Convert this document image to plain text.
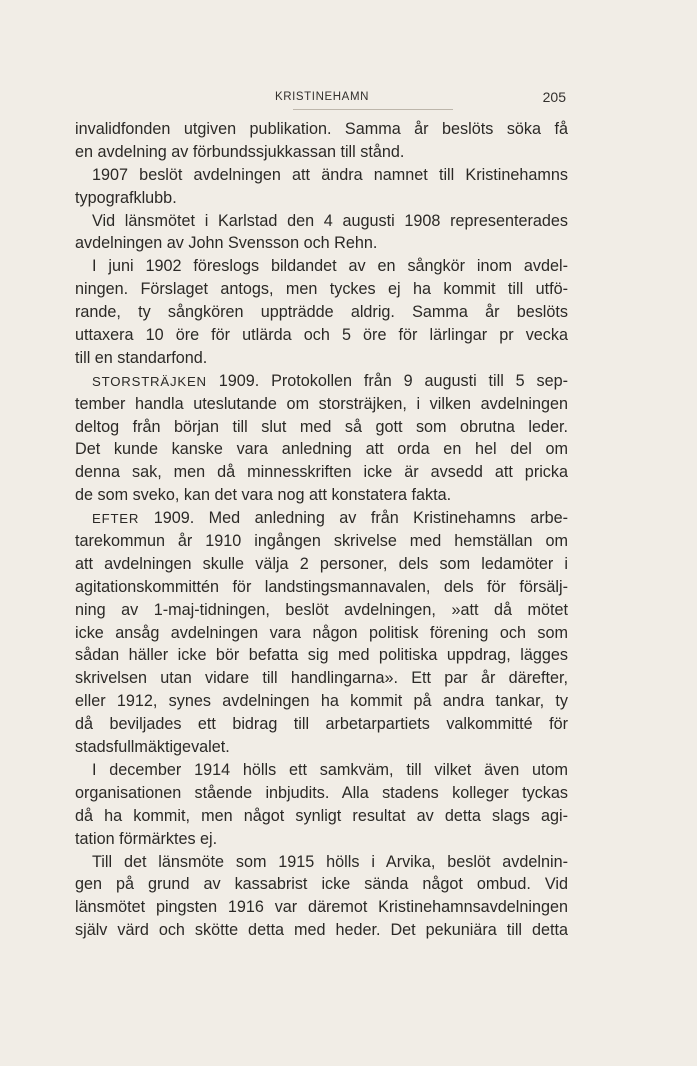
KRISTINEHAMN	205
invalidfonden utgiven publikation. Samma år beslöts söka få
en avdelning av förbundssjukkassan till stånd.
1907 beslöt avdelningen att ändra namnet till Kristinehamns
typografklubb.
Vid länsmötet i Karlstad den 4 augusti 1908 representerades
avdelningen av John Svensson och Rehn.
I juni 1902 föreslogs bildandet av en sångkör inom avdel-
ningen. Förslaget antogs, men tyckes ej ha kommit till utfö-
rande, ty sångkören uppträdde aldrig. Samma år beslöts
uttaxera 10 öre för utlärda och 5 öre för lärlingar pr vecka
till en standarfond.
STORSTRÄJKEN 1909. Protokollen från 9 augusti till 5 sep-
tember handla uteslutande om storsträjken, i vilken avdelningen
deltog från början till slut med så gott som obrutna leder.
Det kunde kanske vara anledning att orda en hel del om
denna sak, men då minnesskriften icke är avsedd att pricka
de som sveko, kan det vara nog att konstatera fakta.
EFTER 1909. Med anledning av från Kristinehamns arbe-
tarekommun år 1910 ingången skrivelse med hemställan om
att avdelningen skulle välja 2 personer, dels som ledamöter i
agitationskommittén för landstingsmannavalen, dels för försälj-
ning av 1-maj-tidningen, beslöt avdelningen, »att då mötet
icke ansåg avdelningen vara någon politisk förening och som
sådan häller icke bör befatta sig med politiska uppdrag, lägges
skrivelsen utan vidare till handlingarna». Ett par år därefter,
eller 1912, synes avdelningen ha kommit på andra tankar, ty
då beviljades ett bidrag till arbetarpartiets valkommitté för
stadsfullmäktigevalet.
I december 1914 hölls ett samkväm, till vilket även utom
organisationen stående inbjudits. Alla stadens kolleger tyckas
då ha kommit, men något synligt resultat av detta slags agi-
tation förmärktes ej.
Till det länsmöte som 1915 hölls i Arvika, beslöt avdelnin-
gen på grund av kassabrist icke sända något ombud. Vid
länsmötet pingsten 1916 var däremot Kristinehamnsavdelningen
själv värd och skötte detta med heder. Det pekuniära till detta
